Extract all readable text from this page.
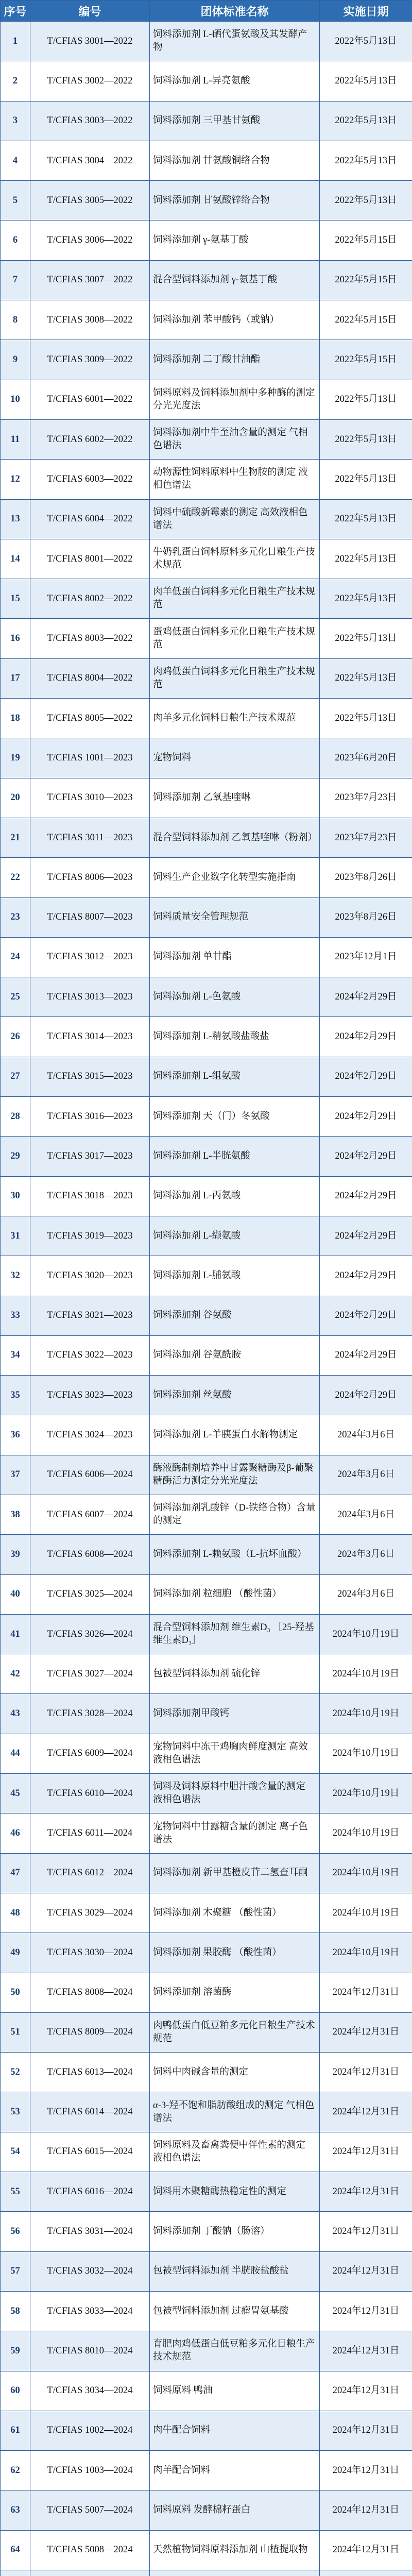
序号	编号	团体标准名称	实施日期
1	T/CFIAS 3001—2022	饲料添加剂 L-硒代蛋氨酸及其发酵产物	2022年5月13日
2	T/CFIAS 3002—2022	饲料添加剂 L-异亮氨酸	2022年5月13日
3	T/CFIAS 3003—2022	饲料添加剂 三甲基甘氨酸	2022年5月13日
4	T/CFIAS 3004—2022	饲料添加剂 甘氨酸铜络合物	2022年5月13日
5	T/CFIAS 3005—2022	饲料添加剂 甘氨酸锌络合物	2022年5月13日
6	T/CFIAS 3006—2022	饲料添加剂 γ-氨基丁酸	2022年5月15日
7	T/CFIAS 3007—2022	混合型饲料添加剂 γ-氨基丁酸	2022年5月15日
8	T/CFIAS 3008—2022	饲料添加剂 苯甲酸钙（或钠）	2022年5月15日
9	T/CFIAS 3009—2022	饲料添加剂 二丁酸甘油酯	2022年5月15日
10	T/CFIAS 6001—2022	饲料原料及饲料添加剂中多种酶的测定 分光光度法	2022年5月13日
11	T/CFIAS 6002—2022	饲料添加剂中牛至油含量的测定 气相色谱法	2022年5月13日
12	T/CFIAS 6003—2022	动物源性饲料原料中生物胺的测定 液相色谱法	2022年5月13日
13	T/CFIAS 6004—2022	饲料中硫酸新霉素的测定 高效液相色谱法	2022年5月13日
14	T/CFIAS 8001—2022	牛奶乳蛋白饲料原料多元化日粮生产技术规范	2022年5月13日
15	T/CFIAS 8002—2022	肉羊低蛋白饲料多元化日粮生产技术规范	2022年5月13日
16	T/CFIAS 8003—2022	蛋鸡低蛋白饲料多元化日粮生产技术规范	2022年5月13日
17	T/CFIAS 8004—2022	肉鸡低蛋白饲料多元化日粮生产技术规范	2022年5月13日
18	T/CFIAS 8005—2022	肉羊多元化饲料日粮生产技术规范	2022年5月13日
19	T/CFIAS 1001—2023	宠物饲料	2023年6月20日
20	T/CFIAS 3010—2023	饲料添加剂 乙氧基喹啉	2023年7月23日
21	T/CFIAS 3011—2023	混合型饲料添加剂 乙氧基喹啉（粉剂）	2023年7月23日
22	T/CFIAS 8006—2023	饲料生产企业数字化转型实施指南	2023年8月26日
23	T/CFIAS 8007—2023	饲料质量安全管理规范	2023年8月26日
24	T/CFIAS 3012—2023	饲料添加剂 单甘酯	2023年12月1日
25	T/CFIAS 3013—2023	饲料添加剂 L-色氨酸	2024年2月29日
26	T/CFIAS 3014—2023	饲料添加剂 L-精氨酸盐酸盐	2024年2月29日
27	T/CFIAS 3015—2023	饲料添加剂 L-组氨酸	2024年2月29日
28	T/CFIAS 3016—2023	饲料添加剂 天（门）冬氨酸	2024年2月29日
29	T/CFIAS 3017—2023	饲料添加剂 L-半胱氨酸	2024年2月29日
30	T/CFIAS 3018—2023	饲料添加剂 L-丙氨酸	2024年2月29日
31	T/CFIAS 3019—2023	饲料添加剂 L-缬氨酸	2024年2月29日
32	T/CFIAS 3020—2023	饲料添加剂 L-脯氨酸	2024年2月29日
33	T/CFIAS 3021—2023	饲料添加剂 谷氨酸	2024年2月29日
34	T/CFIAS 3022—2023	饲料添加剂 谷氨酰胺	2024年2月29日
35	T/CFIAS 3023—2023	饲料添加剂 丝氨酸	2024年2月29日
36	T/CFIAS 3024—2023	饲料添加剂 L-羊胰蛋白水解物测定	2024年3月6日
37	T/CFIAS 6006—2024	酶液酶制剂培养中甘露聚糖酶及β-葡聚糖酶活力测定分光光度法	2024年3月6日
38	T/CFIAS 6007—2024	饲料添加剂乳酸锌（D-铁络合物）含量的测定	2024年3月6日
39	T/CFIAS 6008—2024	饲料添加剂 L-赖氨酸（L-抗坏血酸）	2024年3月6日
40	T/CFIAS 3025—2024	饲料添加剂 粒细胞 （酸性菌）	2024年3月6日
41	T/CFIAS 3026—2024	混合型饲料添加剂 维生素D₃ ［25-羟基维生素D₃］	2024年10月19日
42	T/CFIAS 3027—2024	包被型饲料添加剂 硫化锌	2024年10月19日
43	T/CFIAS 3028—2024	饲料添加剂甲酸钙	2024年10月19日
44	T/CFIAS 6009—2024	宠物饲料中冻干鸡胸肉鲜度测定 高效液相色谱法	2024年10月19日
45	T/CFIAS 6010—2024	饲料及饲料原料中胆汁酸含量的测定 液相色谱法	2024年10月19日
46	T/CFIAS 6011—2024	宠物饲料中甘露糖含量的测定 离子色谱法	2024年10月19日
47	T/CFIAS 6012—2024	饲料添加剂 新甲基橙皮苷二氢查耳酮	2024年10月19日
48	T/CFIAS 3029—2024	饲料添加剂 木聚糖 （酸性菌）	2024年10月19日
49	T/CFIAS 3030—2024	饲料添加剂 果胶酶 （酸性菌）	2024年10月19日
50	T/CFIAS 8008—2024	饲料添加剂 溶菌酶	2024年12月31日
51	T/CFIAS 8009—2024	肉鸭低蛋白低豆粕多元化日粮生产技术规范	2024年12月31日
52	T/CFIAS 6013—2024	饲料中肉碱含量的测定	2024年12月31日
53	T/CFIAS 6014—2024	α-3-羟不饱和脂肪酸组成的测定 气相色谱法	2024年12月31日
54	T/CFIAS 6015—2024	饲料原料及畜禽粪便中伴性素的测定 液相色谱法	2024年12月31日
55	T/CFIAS 6016—2024	饲料用木聚糖酶热稳定性的测定	2024年12月31日
56	T/CFIAS 3031—2024	饲料添加剂 丁酸钠（肠溶）	2024年12月31日
57	T/CFIAS 3032—2024	包被型饲料添加剂 半胱胺盐酸盐	2024年12月31日
58	T/CFIAS 3033—2024	包被型饲料添加剂 过瘤胃氨基酸	2024年12月31日
59	T/CFIAS 8010—2024	育肥肉鸡低蛋白低豆粕多元化日粮生产技术规范	2024年12月31日
60	T/CFIAS 3034—2024	饲料原料 鸭油	2024年12月31日
61	T/CFIAS 1002—2024	肉牛配合饲料	2024年12月31日
62	T/CFIAS 1003—2024	肉羊配合饲料	2024年12月31日
63	T/CFIAS 5007—2024	饲料原料 发酵棉籽蛋白	2024年12月31日
64	T/CFIAS 5008—2024	天然植物饲料原料添加剂 山楂提取物	2024年12月31日
